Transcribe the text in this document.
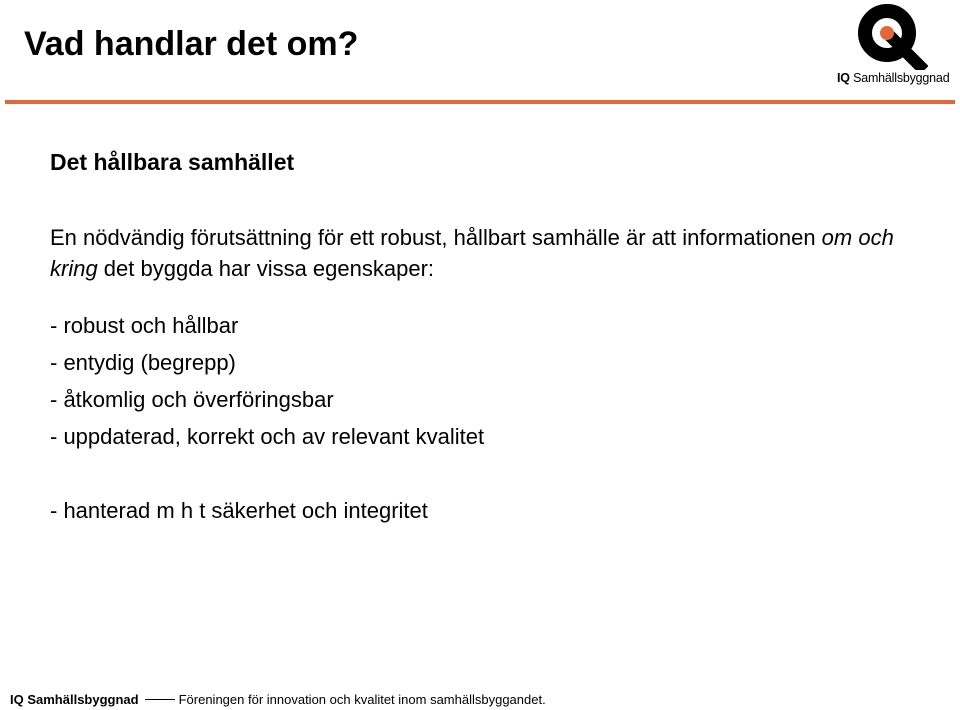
Vad handlar det om?
IQ Samhällsbyggnad
Det hållbara samhället
En nödvändig förutsättning för ett robust, hållbart samhälle är att informationen om och kring det byggda har vissa egenskaper:
- robust och hållbar
- entydig (begrepp)
- åtkomlig och överföringsbar
- uppdaterad, korrekt och av relevant kvalitet
- hanterad m h t säkerhet och integritet
IQ Samhällsbyggnad	Föreningen för innovation och kvalitet inom samhällsbyggandet.
